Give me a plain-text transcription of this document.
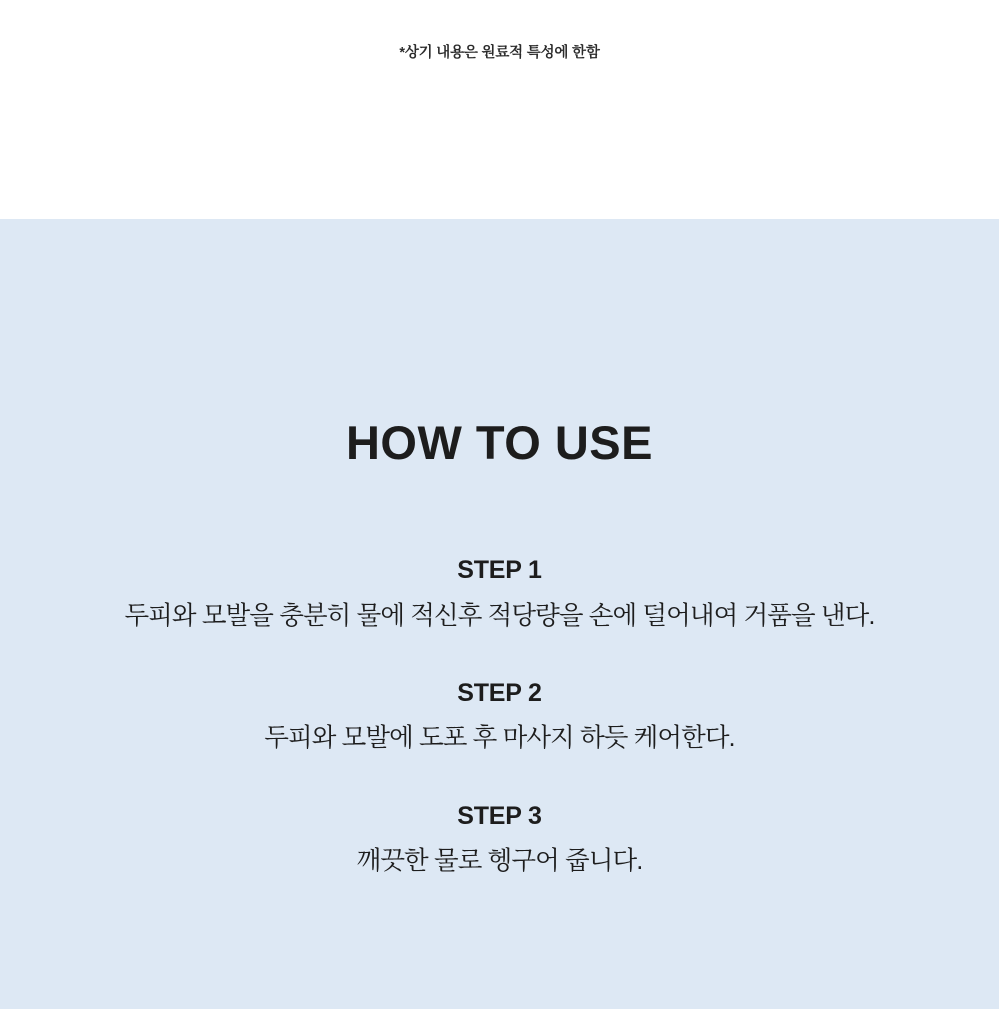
*상기 내용은 원료적 특성에 한함
HOW TO USE
STEP 1
두피와 모발을 충분히 물에 적신후 적당량을 손에 덜어내여 거품을 낸다.
STEP 2
두피와 모발에 도포 후 마사지 하듯 케어한다.
STEP 3
깨끗한 물로 헹구어 줍니다.
